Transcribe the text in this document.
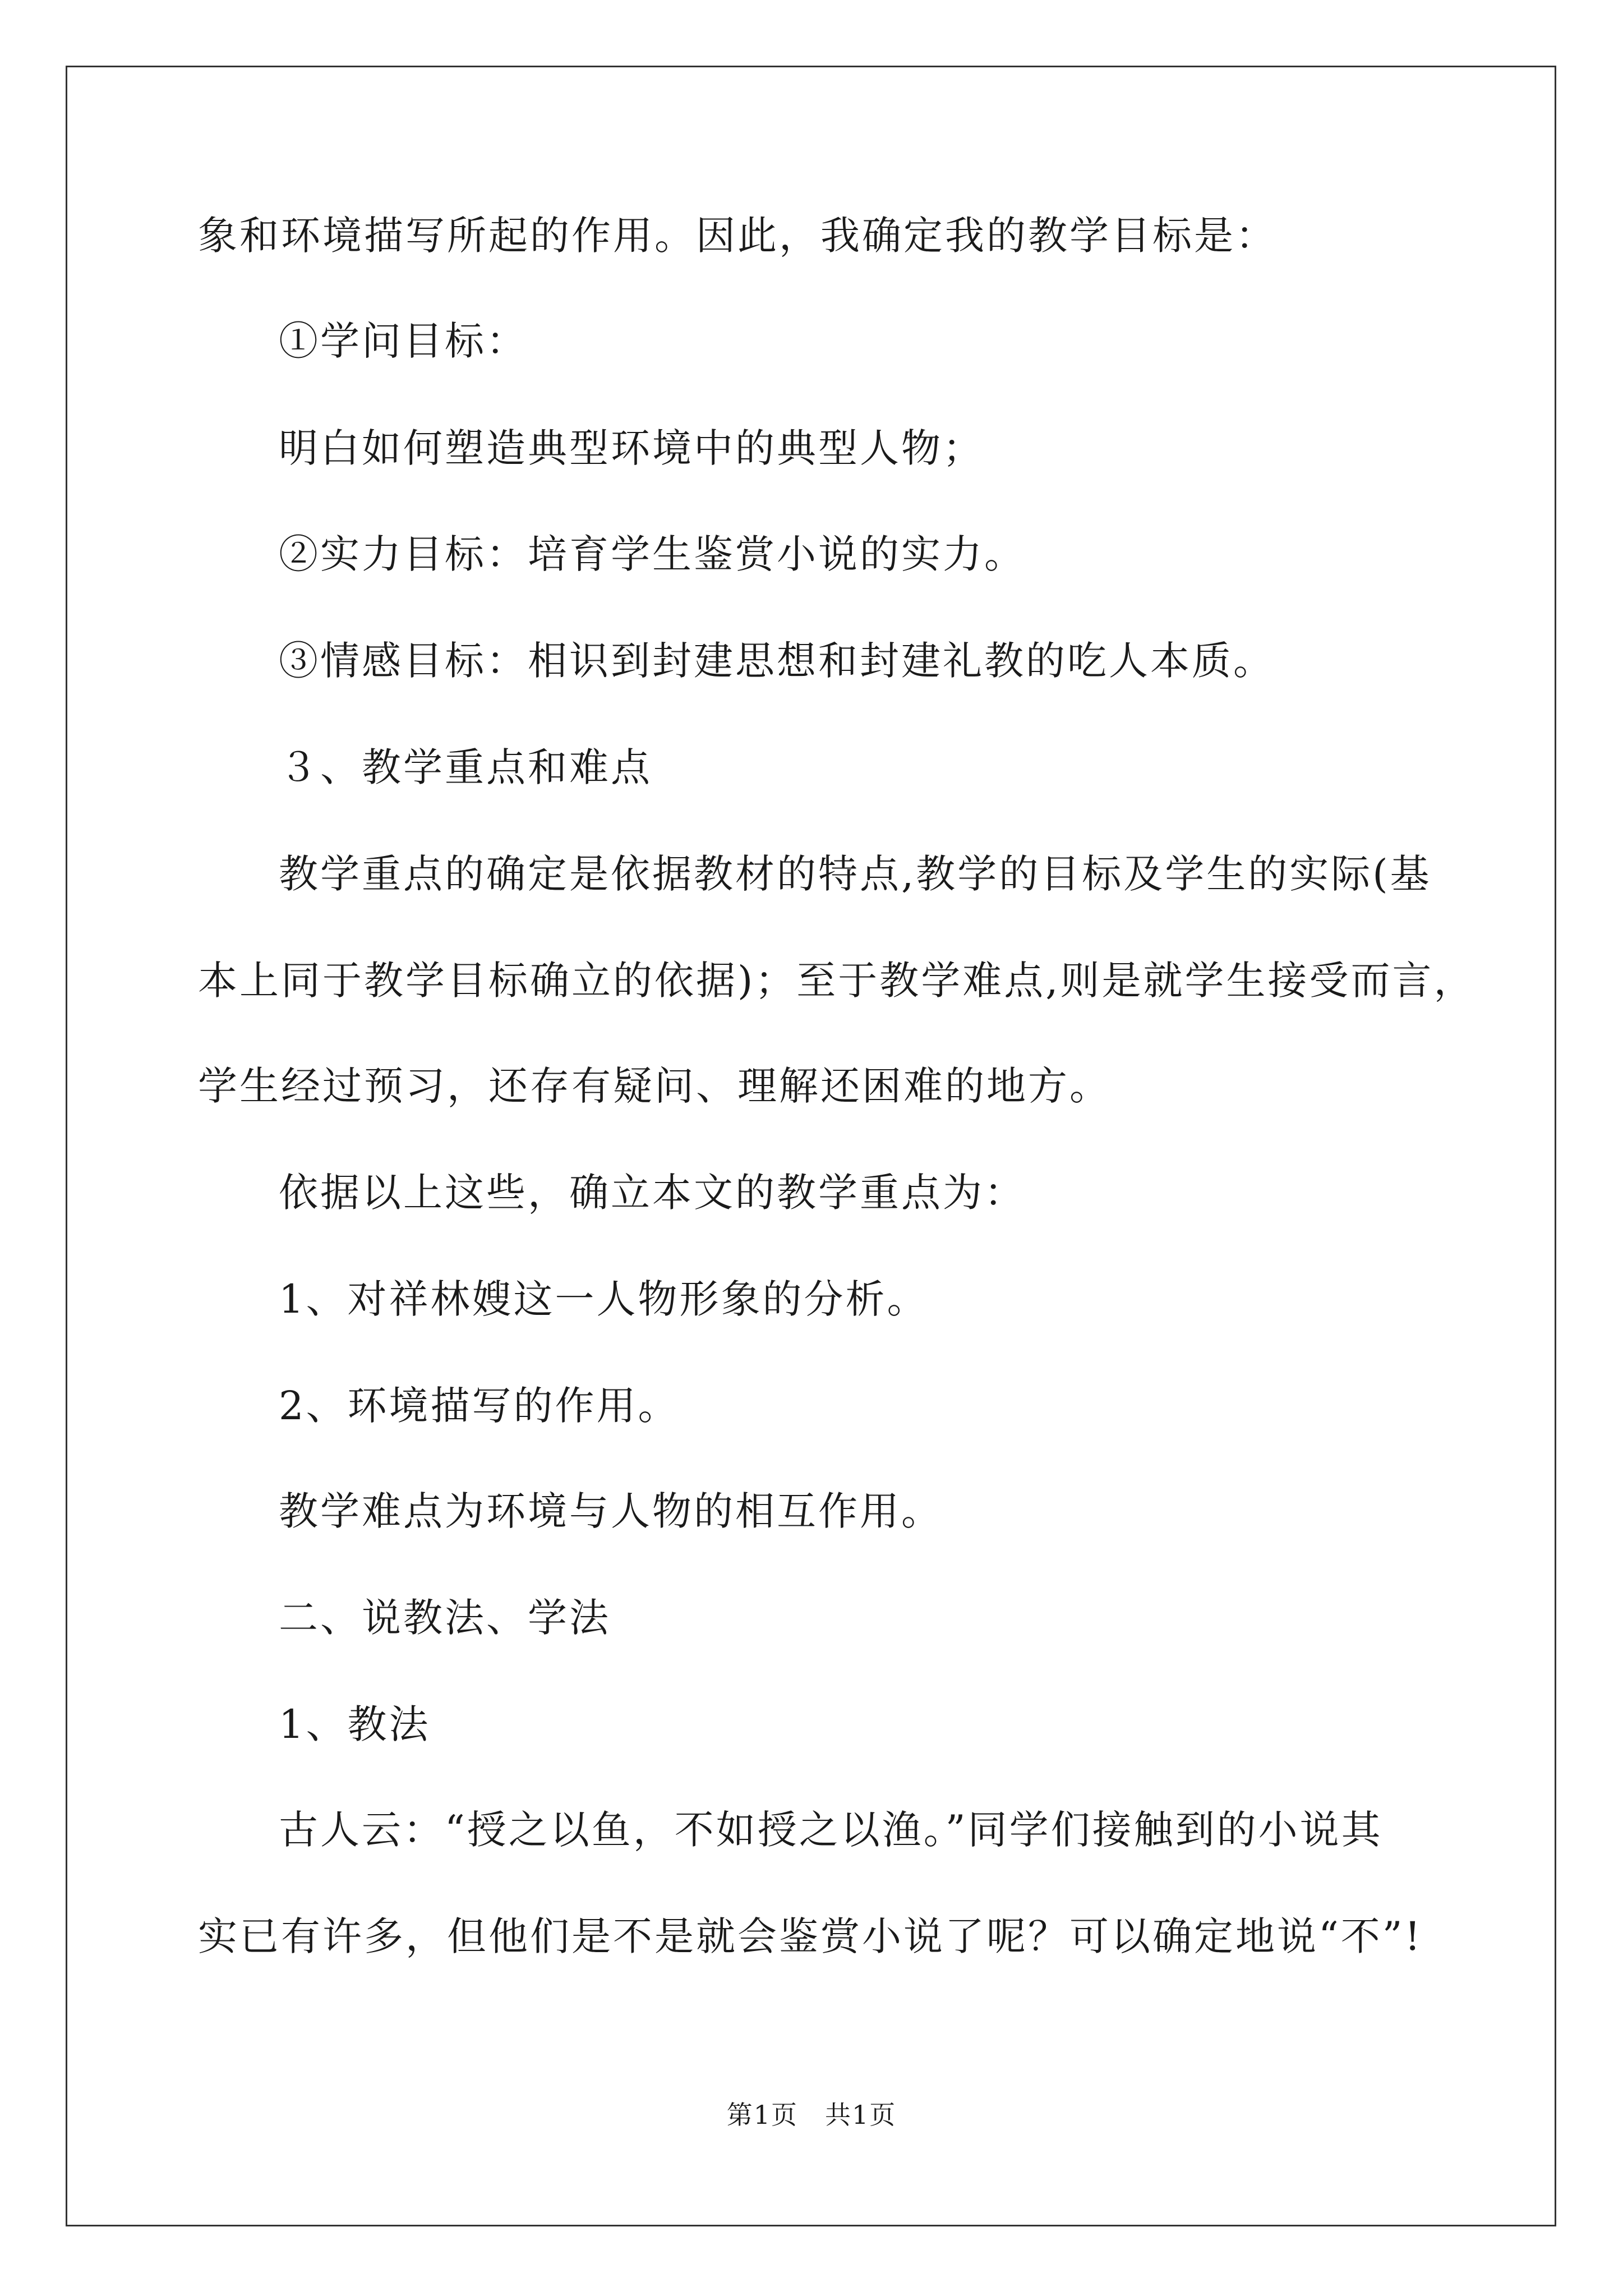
象和环境描写所起的作用。因此，我确定我的教学目标是：
①学问目标：
明白如何塑造典型环境中的典型人物；
②实力目标：培育学生鉴赏小说的实力。
③情感目标：相识到封建思想和封建礼教的吃人本质。
３、教学重点和难点
教学重点的确定是依据教材的特点,教学的目标及学生的实际(基
本上同于教学目标确立的依据)；至于教学难点,则是就学生接受而言，
学生经过预习，还存有疑问、理解还困难的地方。
依据以上这些，确立本文的教学重点为：
1、对祥林嫂这一人物形象的分析。
2、环境描写的作用。
教学难点为环境与人物的相互作用。
二、说教法、学法
1、教法
古人云：“授之以鱼，不如授之以渔。”同学们接触到的小说其
实已有许多，但他们是不是就会鉴赏小说了呢？可以确定地说“不”!
第1页　共1页
